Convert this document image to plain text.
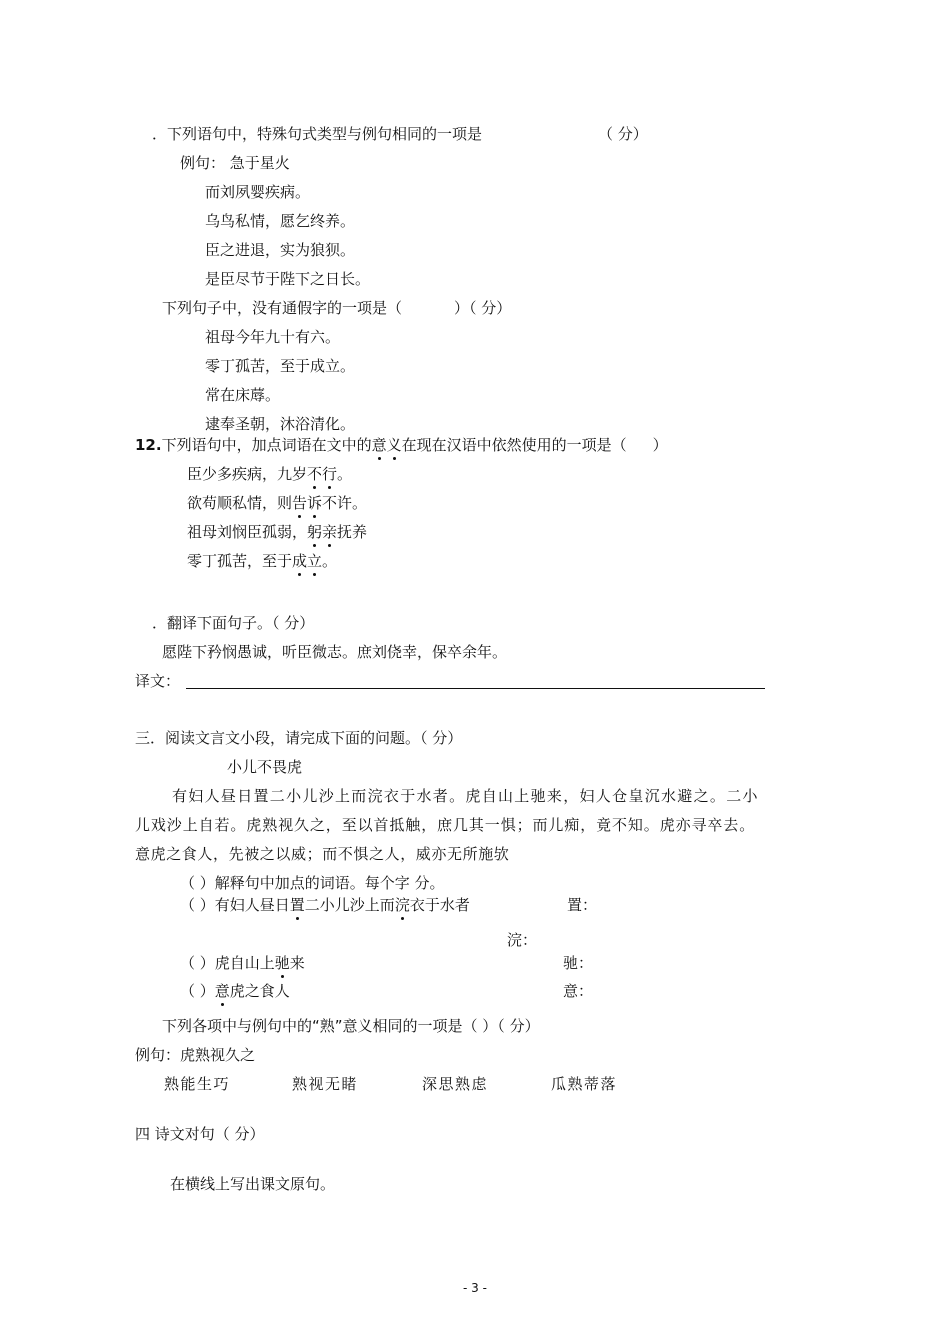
．下列语句中，特殊句式类型与例句相同的一项是	（ 分）
例句： 急于星火
而刘夙婴疾病。
乌鸟私情，愿乞终养。
臣之进退，实为狼狈。
是臣尽节于陛下之日长。
下列句子中，没有通假字的一项是（	）（ 分）
祖母今年九十有六。
零丁孤苦，至于成立。
常在床蓐。
逮奉圣朝，沐浴清化。
12.下列语句中，加点词语在文中的意义在现在汉语中依然使用的一项是（ ）
臣少多疾病，九岁不行。
欲苟顺私情，则告诉不许。
祖母刘悯臣孤弱，躬亲抚养
零丁孤苦，至于成立。
．翻译下面句子。（ 分）
愿陛下矜悯愚诚，听臣微志。庶刘侥幸，保卒余年。
译文：
三．阅读文言文小段，请完成下面的问题。（ 分）
小儿不畏虎
有妇人昼日置二小儿沙上而浣衣于水者。虎自山上驰来，妇人仓皇沉水避之。二小
儿戏沙上自若。虎熟视久之，至以首抵触，庶几其一惧；而儿痴，竟不知。虎亦寻卒去。
意虎之食人，先被之以威；而不惧之人，威亦无所施欤
（ ）解释句中加点的词语。每个字 分。
（ ）有妇人昼日置二小儿沙上而浣衣于水者	置：
浣：
（ ）虎自山上驰来	驰：
（ ）意虎之食人	意：
下列各项中与例句中的“熟”意义相同的一项是（ ）（ 分）
例句：虎熟视久之
熟能生巧	熟视无睹	深思熟虑	瓜熟蒂落
四 诗文对句（ 分）
在横线上写出课文原句。
- 3 -
